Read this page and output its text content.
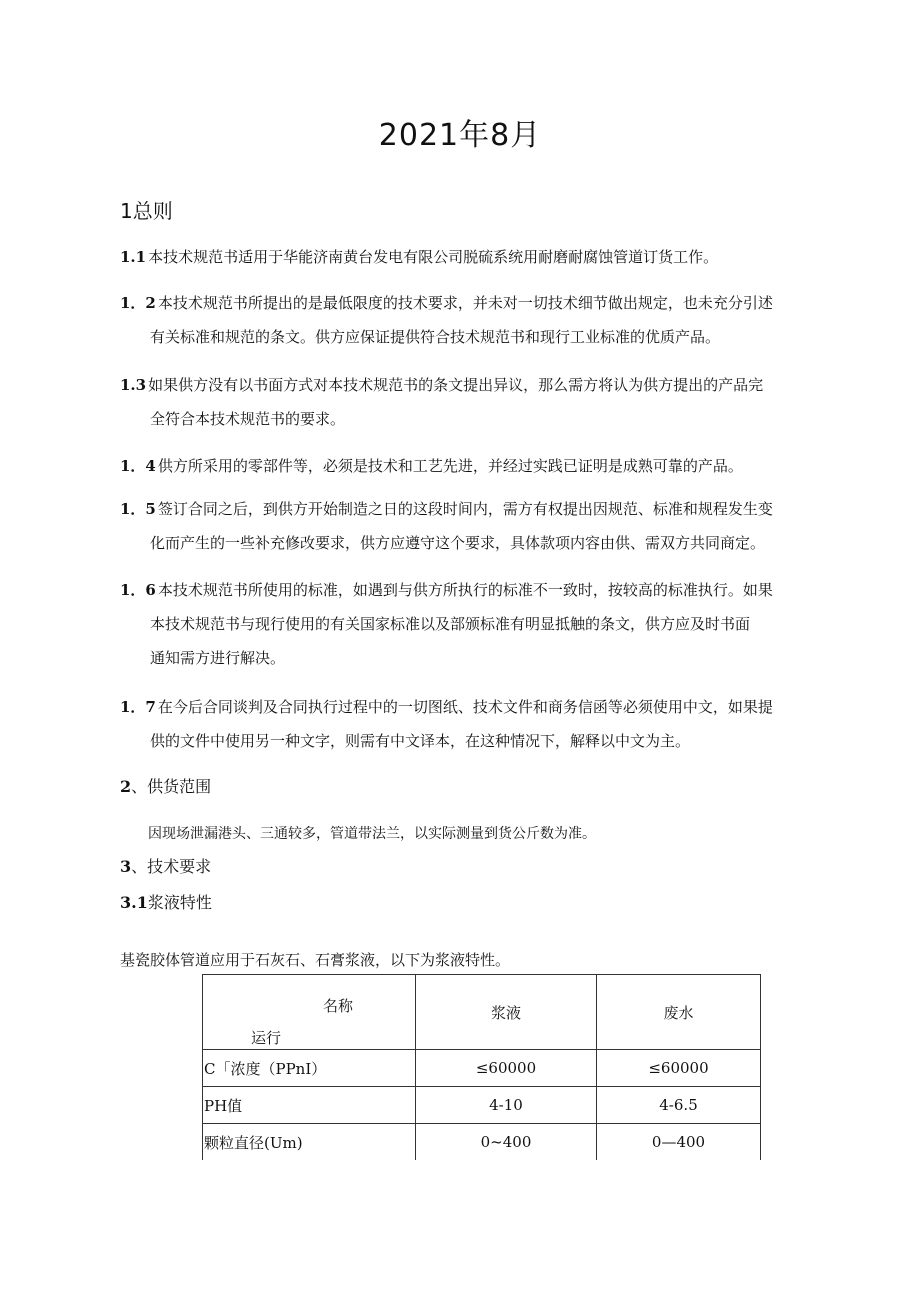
2021年8月
1总则
1.1 本技术规范书适用于华能济南黄台发电有限公司脱硫系统用耐磨耐腐蚀管道订货工作。
1．2 本技术规范书所提出的是最低限度的技术要求，并未对一切技术细节做出规定，也未充分引述
有关标准和规范的条文。供方应保证提供符合技术规范书和现行工业标准的优质产品。
1.3 如果供方没有以书面方式对本技术规范书的条文提出异议，那么需方将认为供方提出的产品完
全符合本技术规范书的要求。
1．4 供方所采用的零部件等，必须是技术和工艺先进，并经过实践已证明是成熟可靠的产品。
1．5 签订合同之后，到供方开始制造之日的这段时间内，需方有权提出因规范、标准和规程发生变
化而产生的一些补充修改要求，供方应遵守这个要求，具体款项内容由供、需双方共同商定。
1．6 本技术规范书所使用的标准，如遇到与供方所执行的标准不一致时，按较高的标准执行。如果
本技术规范书与现行使用的有关国家标准以及部颁标准有明显抵触的条文，供方应及时书面
通知需方进行解决。
1．7 在今后合同谈判及合同执行过程中的一切图纸、技术文件和商务信函等必须使用中文，如果提
供的文件中使用另一种文字，则需有中文译本，在这种情况下，解释以中文为主。
2、供货范围
因现场泄漏港头、三通较多，管道带法兰，以实际测量到货公斤数为准。
3、技术要求
3.1浆液特性
基瓷胶体管道应用于石灰石、石膏浆液，以下为浆液特性。
名称
运行	浆液	废水
C「浓度（PPnI）	≤60000	≤60000
PH值	4-10	4-6.5
颗粒直径(Um)	0~400	0—400
